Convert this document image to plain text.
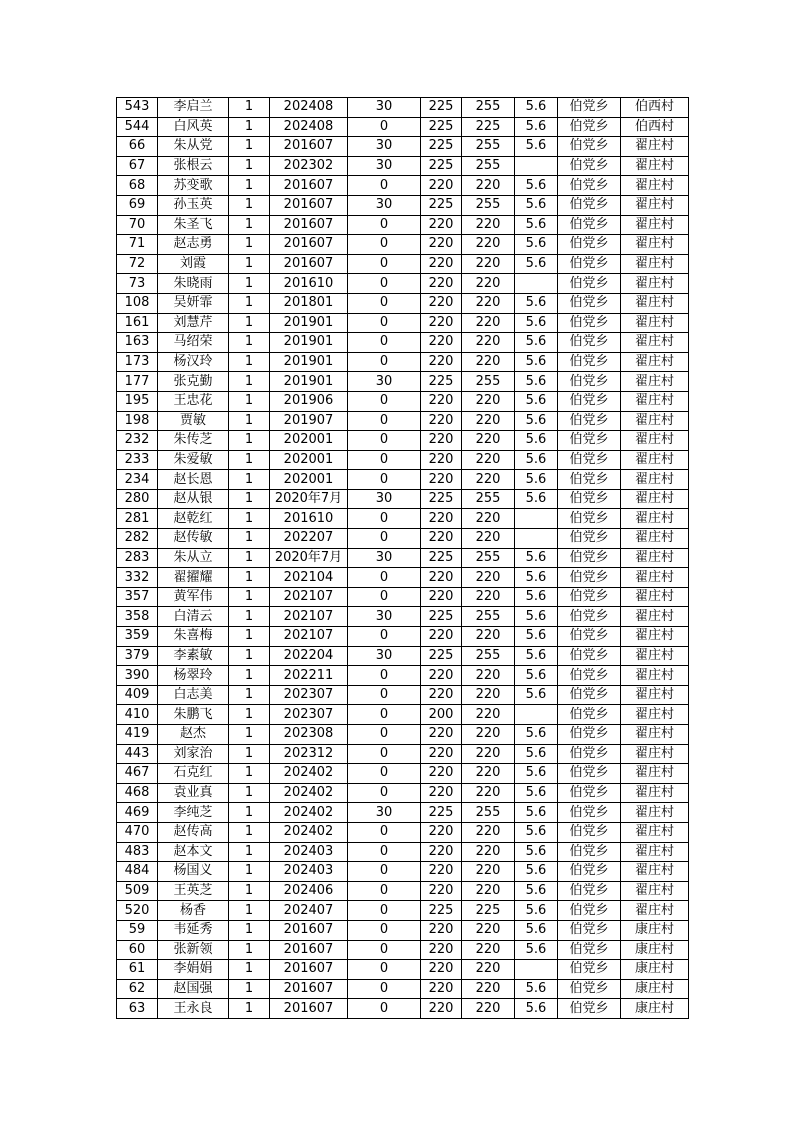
543	李启兰	1	202408	30	225	255	5.6	伯党乡	伯西村
544	白风英	1	202408	0	225	225	5.6	伯党乡	伯西村
66	朱从党	1	201607	30	225	255	5.6	伯党乡	翟庄村
67	张根云	1	202302	30	225	255		伯党乡	翟庄村
68	苏变歌	1	201607	0	220	220	5.6	伯党乡	翟庄村
69	孙玉英	1	201607	30	225	255	5.6	伯党乡	翟庄村
70	朱圣飞	1	201607	0	220	220	5.6	伯党乡	翟庄村
71	赵志勇	1	201607	0	220	220	5.6	伯党乡	翟庄村
72	刘霞	1	201607	0	220	220	5.6	伯党乡	翟庄村
73	朱晓雨	1	201610	0	220	220		伯党乡	翟庄村
108	吴妍霏	1	201801	0	220	220	5.6	伯党乡	翟庄村
161	刘慧芹	1	201901	0	220	220	5.6	伯党乡	翟庄村
163	马绍荣	1	201901	0	220	220	5.6	伯党乡	翟庄村
173	杨汉玲	1	201901	0	220	220	5.6	伯党乡	翟庄村
177	张克勤	1	201901	30	225	255	5.6	伯党乡	翟庄村
195	王忠花	1	201906	0	220	220	5.6	伯党乡	翟庄村
198	贾敏	1	201907	0	220	220	5.6	伯党乡	翟庄村
232	朱传芝	1	202001	0	220	220	5.6	伯党乡	翟庄村
233	朱爱敏	1	202001	0	220	220	5.6	伯党乡	翟庄村
234	赵长恩	1	202001	0	220	220	5.6	伯党乡	翟庄村
280	赵从银	1	2020年7月	30	225	255	5.6	伯党乡	翟庄村
281	赵乾红	1	201610	0	220	220		伯党乡	翟庄村
282	赵传敏	1	202207	0	220	220		伯党乡	翟庄村
283	朱从立	1	2020年7月	30	225	255	5.6	伯党乡	翟庄村
332	翟擢耀	1	202104	0	220	220	5.6	伯党乡	翟庄村
357	黄军伟	1	202107	0	220	220	5.6	伯党乡	翟庄村
358	白清云	1	202107	30	225	255	5.6	伯党乡	翟庄村
359	朱喜梅	1	202107	0	220	220	5.6	伯党乡	翟庄村
379	李素敏	1	202204	30	225	255	5.6	伯党乡	翟庄村
390	杨翠玲	1	202211	0	220	220	5.6	伯党乡	翟庄村
409	白志美	1	202307	0	220	220	5.6	伯党乡	翟庄村
410	朱鹏飞	1	202307	0	200	220		伯党乡	翟庄村
419	赵杰	1	202308	0	220	220	5.6	伯党乡	翟庄村
443	刘家治	1	202312	0	220	220	5.6	伯党乡	翟庄村
467	石克红	1	202402	0	220	220	5.6	伯党乡	翟庄村
468	袁业真	1	202402	0	220	220	5.6	伯党乡	翟庄村
469	李纯芝	1	202402	30	225	255	5.6	伯党乡	翟庄村
470	赵传高	1	202402	0	220	220	5.6	伯党乡	翟庄村
483	赵本文	1	202403	0	220	220	5.6	伯党乡	翟庄村
484	杨国义	1	202403	0	220	220	5.6	伯党乡	翟庄村
509	王英芝	1	202406	0	220	220	5.6	伯党乡	翟庄村
520	杨香	1	202407	0	225	225	5.6	伯党乡	翟庄村
59	韦延秀	1	201607	0	220	220	5.6	伯党乡	康庄村
60	张新领	1	201607	0	220	220	5.6	伯党乡	康庄村
61	李娟娟	1	201607	0	220	220		伯党乡	康庄村
62	赵国强	1	201607	0	220	220	5.6	伯党乡	康庄村
63	王永良	1	201607	0	220	220	5.6	伯党乡	康庄村
